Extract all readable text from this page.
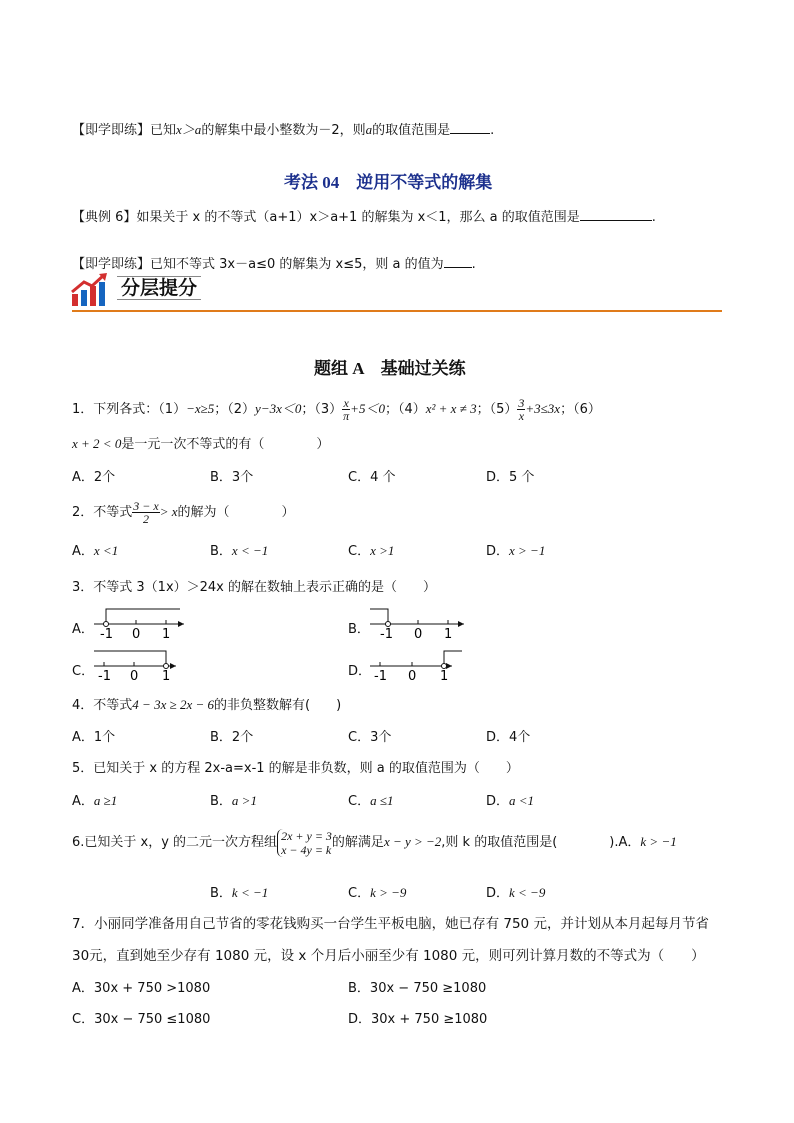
【即学即练】已知x＞a的解集中最小整数为－2，则a的取值范围是	.
考法 04　逆用不等式的解集
【典例 6】如果关于 x 的不等式（a+1）x＞a+1 的解集为 x＜1，那么 a 的取值范围是	.
【即学即练】已知不等式 3x－a≤0 的解集为 x≤5，则 a 的值为 .
分层提分
题组 A　基础过关练
1．下列各式：（1）−x≥5；（2）y−3x＜0；$(3) \frac{x}{\pi} +5<0$；（4）x² + x ≠ 3；$(5) \frac{3}{x} +3\le 3x$；（6）
x + 2 < 0是一元一次不等式的有（　　　　）
A．2个	B．3个	C．4 个	D．5 个
2．不等式 $\frac{3 - x}{2} > x$的解为（　　　　）
A．x <1	B．x < −1	C．x >1	D．x > −1
3．不等式 3（1x）＞24x 的解在数轴上表示正确的是（　　）
A． -1 0 1	B． -1 0 1
C． -1 0 1	D． -1 0 1
4．不等式4 − 3x ≥ 2x − 6的非负整数解有(　　)
A．1个	B．2个	C．3个	D．4个
5．已知关于 x 的方程 2x-a=x-1 的解是非负数，则 a 的取值范围为（　　）
A．a ≥1	B．a >1	C．a ≤1	D．a <1
6.已知关于 x，y 的二元一次方程组 2x + y = 3
x − 4y = k 的解满足x − y > −2,则 k 的取值范围是(　　　　).A．k > −1
B．k < −1	C．k > −9	D．k < −9
7．小丽同学准备用自己节省的零花钱购买一台学生平板电脑，她已存有 750 元，并计划从本月起每月节省
30元，直到她至少存有 1080 元，设 x 个月后小丽至少有 1080 元，则可列计算月数的不等式为（　　）
A．30x + 750 >1080	B．30x − 750 ≥1080
C．30x − 750 ≤1080	D．30x + 750 ≥1080
